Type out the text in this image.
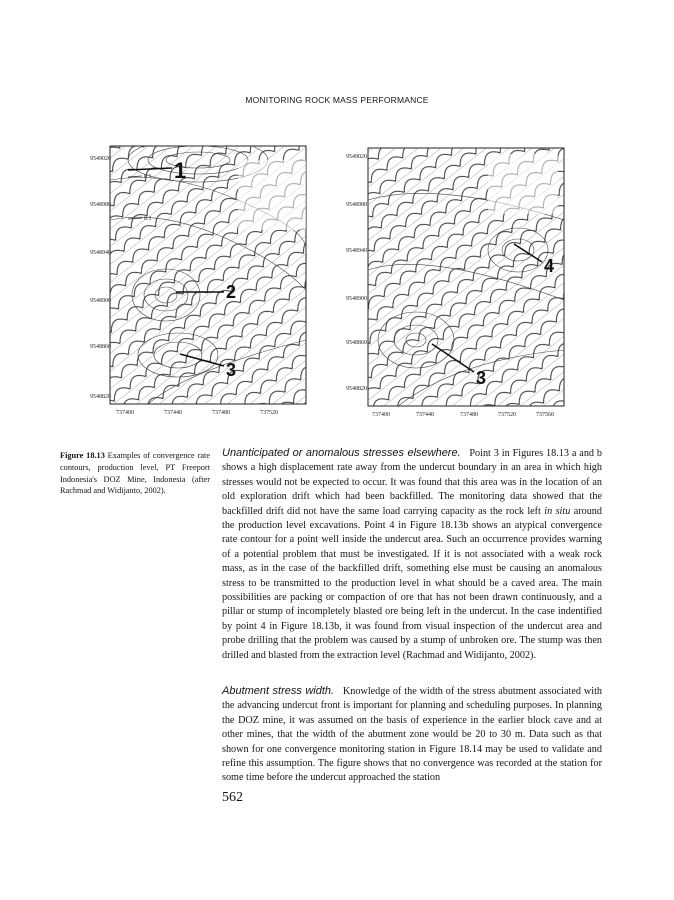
MONITORING ROCK MASS PERFORMANCE
9549020
9548980
9548940
9548900
9548860
9548820
737400	737440	737480	737520
0.1
0.1
1
2
3
9549020
9548980
9548940
9548900
9548860
9548820
737400	737440	737480	737520	737560
3
4
Figure 18.13 Examples of convergence rate contours, production level, PT Freeport Indonesia's DOZ Mine, Indonesia (after Rachmad and Widijanto, 2002).

Unanticipated or anomalous stresses elsewhere. Point 3 in Figures 18.13 a and b shows a high displacement rate away from the undercut boundary in an area in which high stresses would not be expected to occur. It was found that this area was in the location of an old exploration drift which had been backfilled. The monitoring data showed that the backfilled drift did not have the same load carrying capacity as the rock left in situ around the production level excavations. Point 4 in Figure 18.13b shows an atypical convergence rate contour for a point well inside the undercut area. Such an occurrence provides warning of a potential problem that must be investigated. If it is not associated with a weak rock mass, as in the case of the backfilled drift, something else must be causing an anomalous stress to be transmitted to the production level in what should be a caved area. The main possibilities are packing or compaction of ore that has not been drawn continuously, and a pillar or stump of incompletely blasted ore being left in the undercut. In the case indentified by point 4 in Figure 18.13b, it was found from visual inspection of the undercut area and probe drilling that the problem was caused by a stump of unbroken ore. The stump was then drilled and blasted from the extraction level (Rachmad and Widijanto, 2002).

Abutment stress width. Knowledge of the width of the stress abutment associated with the advancing undercut front is important for planning and scheduling purposes. In planning the DOZ mine, it was assumed on the basis of experience in the earlier block cave and at other mines, that the width of the abutment zone would be 20 to 30 m. Data such as that shown for one convergence monitoring station in Figure 18.14 may be used to validate and refine this assumption. The figure shows that no convergence was recorded at the station for some time before the undercut approached the station

562
